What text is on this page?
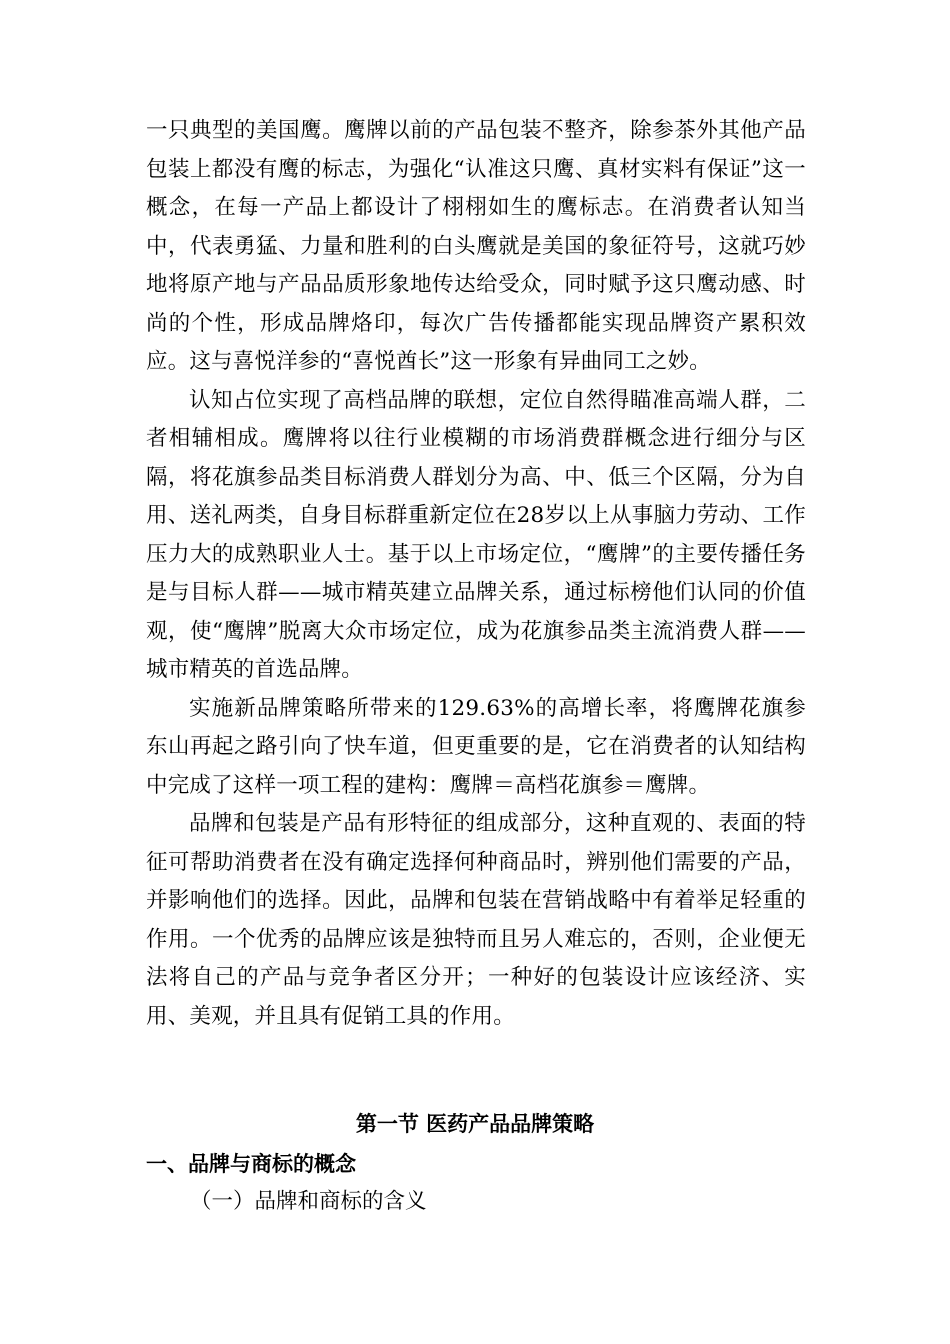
一只典型的美国鹰。鹰牌以前的产品包装不整齐，除参茶外其他产品包装上都没有鹰的标志，为强化“认准这只鹰、真材实料有保证”这一概念，在每一产品上都设计了栩栩如生的鹰标志。在消费者认知当中，代表勇猛、力量和胜利的白头鹰就是美国的象征符号，这就巧妙地将原产地与产品品质形象地传达给受众，同时赋予这只鹰动感、时尚的个性，形成品牌烙印，每次广告传播都能实现品牌资产累积效应。这与喜悦洋参的“喜悦酋长”这一形象有异曲同工之妙。

认知占位实现了高档品牌的联想，定位自然得瞄准高端人群，二者相辅相成。鹰牌将以往行业模糊的市场消费群概念进行细分与区隔，将花旗参品类目标消费人群划分为高、中、低三个区隔，分为自用、送礼两类，自身目标群重新定位在28岁以上从事脑力劳动、工作压力大的成熟职业人士。基于以上市场定位，“鹰牌”的主要传播任务是与目标人群——城市精英建立品牌关系，通过标榜他们认同的价值观，使“鹰牌”脱离大众市场定位，成为花旗参品类主流消费人群——城市精英的首选品牌。

实施新品牌策略所带来的129.63%的高增长率，将鹰牌花旗参东山再起之路引向了快车道，但更重要的是，它在消费者的认知结构中完成了这样一项工程的建构：鹰牌＝高档花旗参＝鹰牌。

品牌和包装是产品有形特征的组成部分，这种直观的、表面的特征可帮助消费者在没有确定选择何种商品时，辨别他们需要的产品，并影响他们的选择。因此，品牌和包装在营销战略中有着举足轻重的作用。一个优秀的品牌应该是独特而且另人难忘的，否则，企业便无法将自己的产品与竞争者区分开；一种好的包装设计应该经济、实用、美观，并且具有促销工具的作用。

第一节 医药产品品牌策略
一、品牌与商标的概念

（一）品牌和商标的含义
